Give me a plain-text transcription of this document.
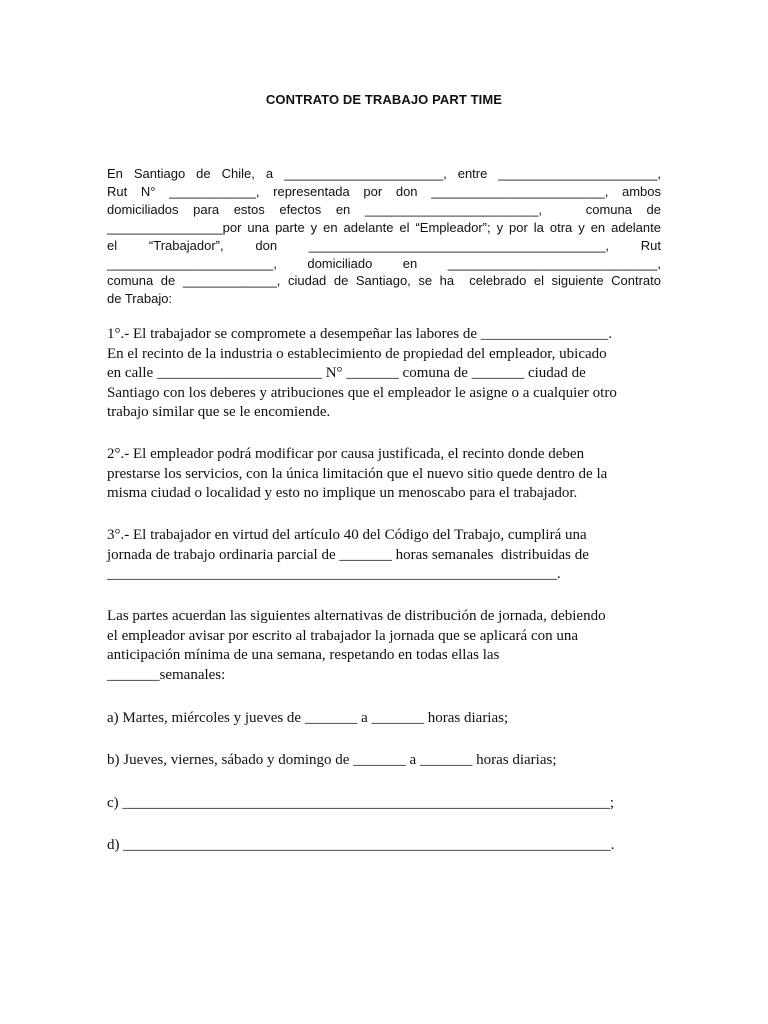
CONTRATO DE TRABAJO PART TIME
En Santiago de Chile, a ______________________, entre ______________________,
Rut N° ____________, representada por don ________________________, ambos
domiciliados para estos efectos en ________________________,   comuna de
________________por una parte y en adelante el “Empleador”; y por la otra y en adelante
el   “Trabajador”,   don   _________________________________________,   Rut
_______________________,   domiciliado   en   _____________________________,
comuna de _____________, ciudad de Santiago, se ha  celebrado el siguiente Contrato
de Trabajo:
1°.- El trabajador se compromete a desempeñar las labores de _________________.
En el recinto de la industria o establecimiento de propiedad del empleador, ubicado
en calle ______________________ N° _______ comuna de _______ ciudad de
Santiago con los deberes y atribuciones que el empleador le asigne o a cualquier otro
trabajo similar que se le encomiende.
2°.- El empleador podrá modificar por causa justificada, el recinto donde deben
prestarse los servicios, con la única limitación que el nuevo sitio quede dentro de la
misma ciudad o localidad y esto no implique un menoscabo para el trabajador.
3°.- El trabajador en virtud del artículo 40 del Código del Trabajo, cumplirá una
jornada de trabajo ordinaria parcial de _______ horas semanales  distribuidas de
____________________________________________________________.
Las partes acuerdan las siguientes alternativas de distribución de jornada, debiendo
el empleador avisar por escrito al trabajador la jornada que se aplicará con una
anticipación mínima de una semana, respetando en todas ellas las
_______semanales:
a) Martes, miércoles y jueves de _______ a _______ horas diarias;
b) Jueves, viernes, sábado y domingo de _______ a _______ horas diarias;
c) _________________________________________________________________;
d) _________________________________________________________________.
